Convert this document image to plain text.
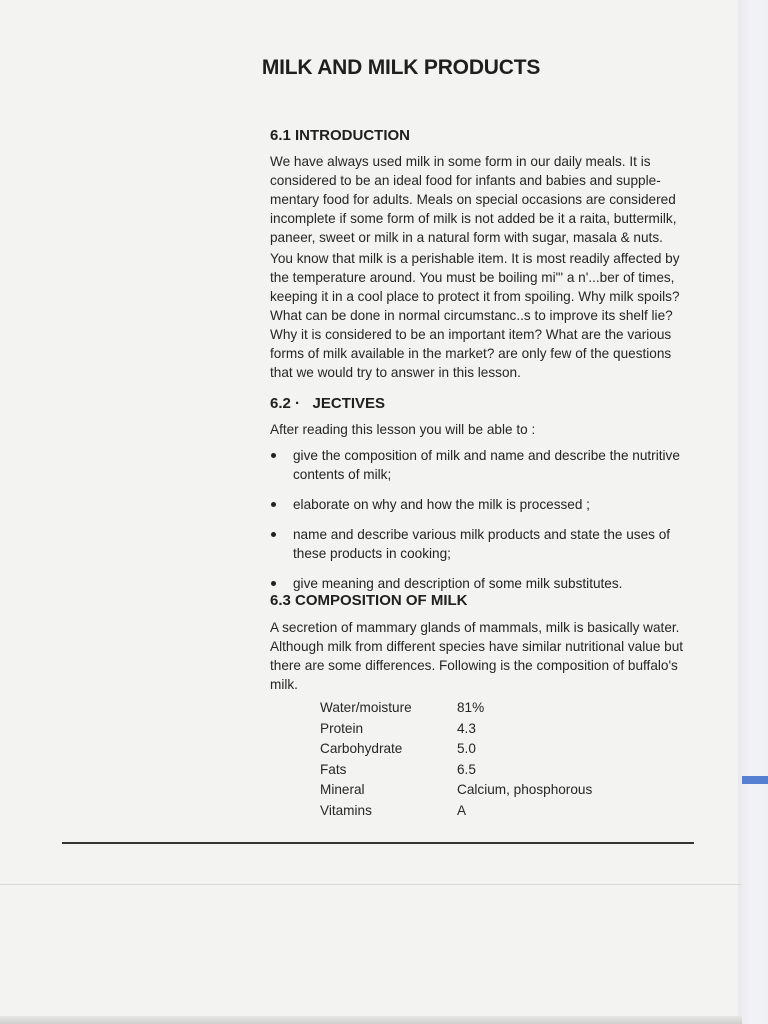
MILK AND MILK PRODUCTS
6.1 INTRODUCTION
We have always used milk in some form in our daily meals. It is
considered to be an ideal food for infants and babies and supple-
mentary food for adults. Meals on special occasions are considered
incomplete if some form of milk is not added be it a raita, buttermilk,
paneer, sweet or milk in a natural form with sugar, masala & nuts.
You know that milk is a perishable item. It is most readily affected by
the temperature around. You must be boiling mi"' a n'...ber of times,
keeping it in a cool place to protect it from spoiling. Why milk spoils?
What can be done in normal circumstanc..s to improve its shelf lie?
Why it is considered to be an important item? What are the various
forms of milk available in the market? are only few of the questions
that we would try to answer in this lesson.
6.2 ·   JECTIVES
After reading this lesson you will be able to :
give the composition of milk and name and describe the nutritive
contents of milk;
elaborate on why and how the milk is processed ;
name and describe various milk products and state the uses of
these products in cooking;
give meaning and description of some milk substitutes.
6.3 COMPOSITION OF MILK
A secretion of mammary glands of mammals, milk is basically water.
Although milk from different species have similar nutritional value but
there are some differences. Following is the composition of buffalo's
milk.
Water/moisture	81%
Protein	4.3
Carbohydrate	5.0
Fats	6.5
Mineral	Calcium, phosphorous
Vitamins	A
